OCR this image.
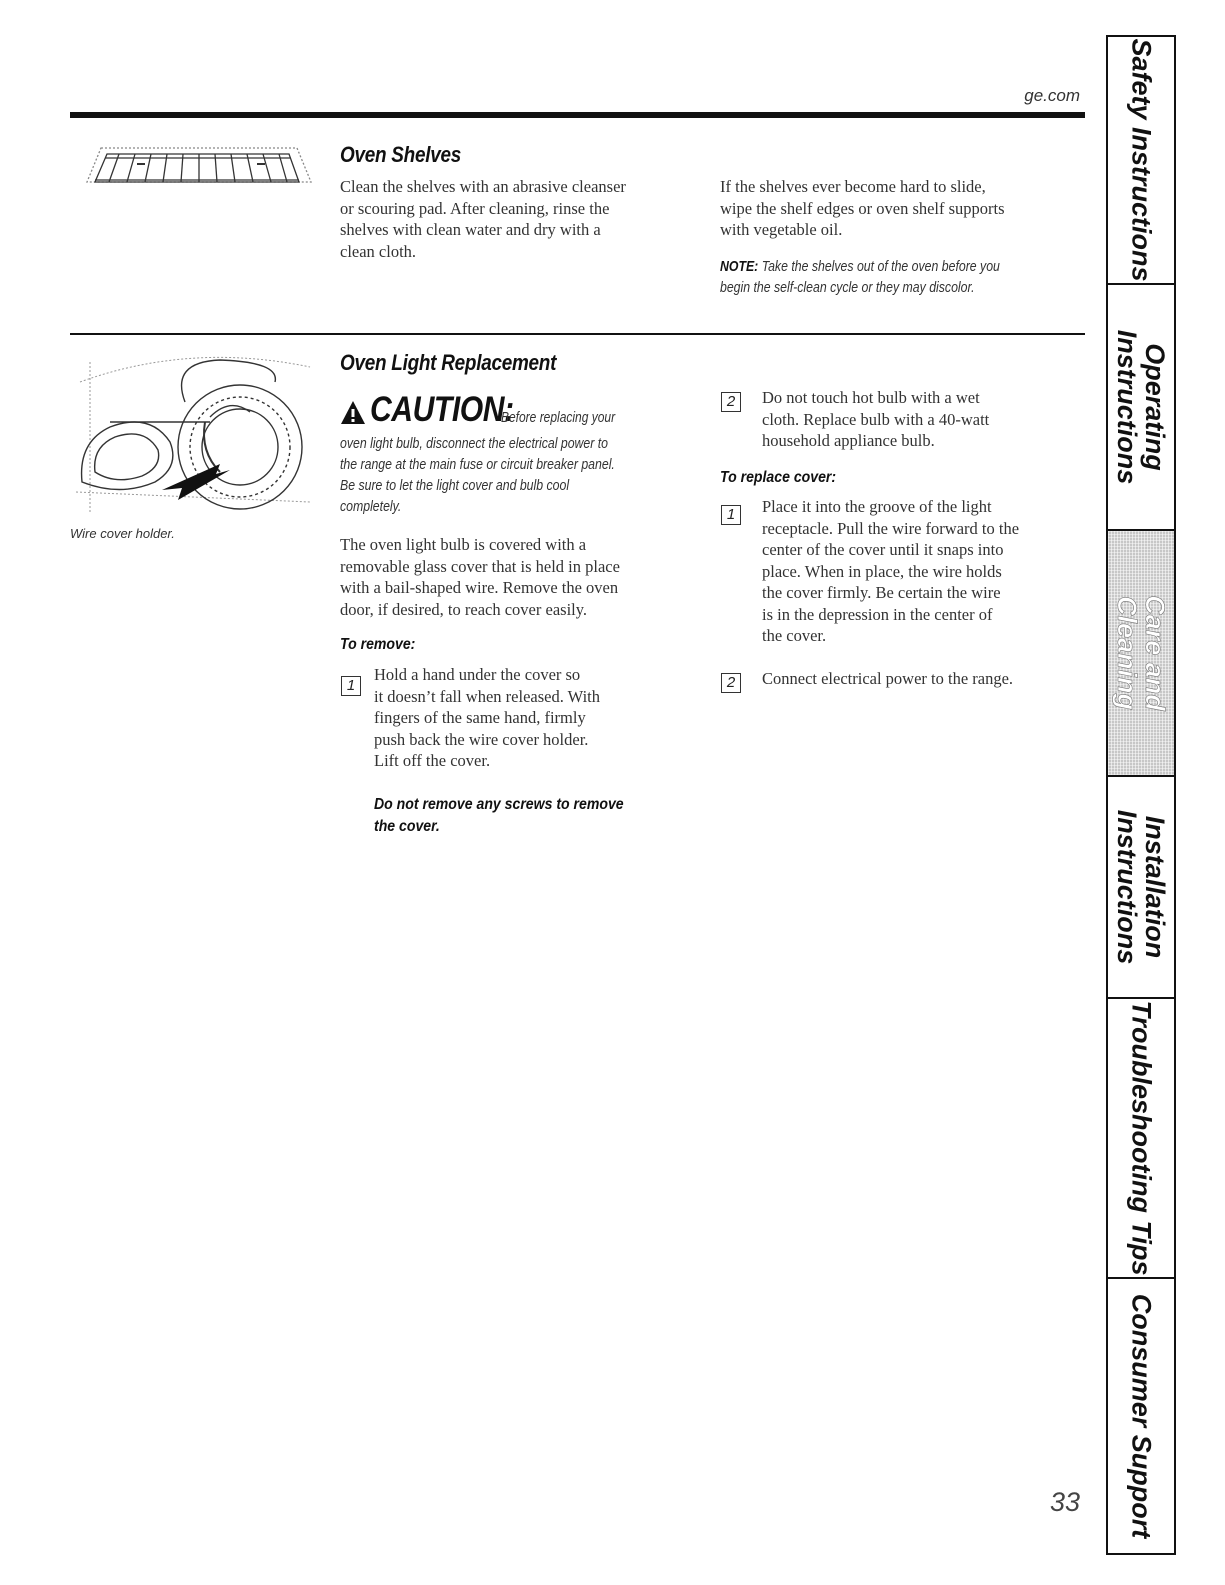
ge.com
Oven Shelves

Clean the shelves with an abrasive cleanser

or scouring pad. After cleaning, rinse the

shelves with clean water and dry with a

clean cloth.

If the shelves ever become hard to slide,

wipe the shelf edges or oven shelf supports

with vegetable oil.

NOTE: Take the shelves out of the oven before you
begin the self-clean cycle or they may discolor.
Wire cover holder.
Oven Light Replacement
CAUTION:Before replacing your
oven light bulb, disconnect the electrical power to
the range at the main fuse or circuit breaker panel.
Be sure to let the light cover and bulb cool
completely.

The oven light bulb is covered with a

removable glass cover that is held in place

with a bail-shaped wire. Remove the oven

door, if desired, to reach cover easily.

To remove:
1

Hold a hand under the cover so

it doesn’t fall when released. With

fingers of the same hand, firmly

push back the wire cover holder.

Lift off the cover.

Do not remove any screws to remove
the cover.
2	Do not touch hot bulb with a wet

cloth. Replace bulb with a 40-watt

household appliance bulb.

To replace cover:
1	Place it into the groove of the light

receptacle. Pull the wire forward to the

center of the cover until it snaps into

place. When in place, the wire holds

the cover firmly. Be certain the wire

is in the depression in the center of

the cover.

2	Connect electrical power to the range.

Safety Instructions
Operating Instructions
Care and Cleaning
Installation Instructions
Troubleshooting Tips
Consumer Support
33
